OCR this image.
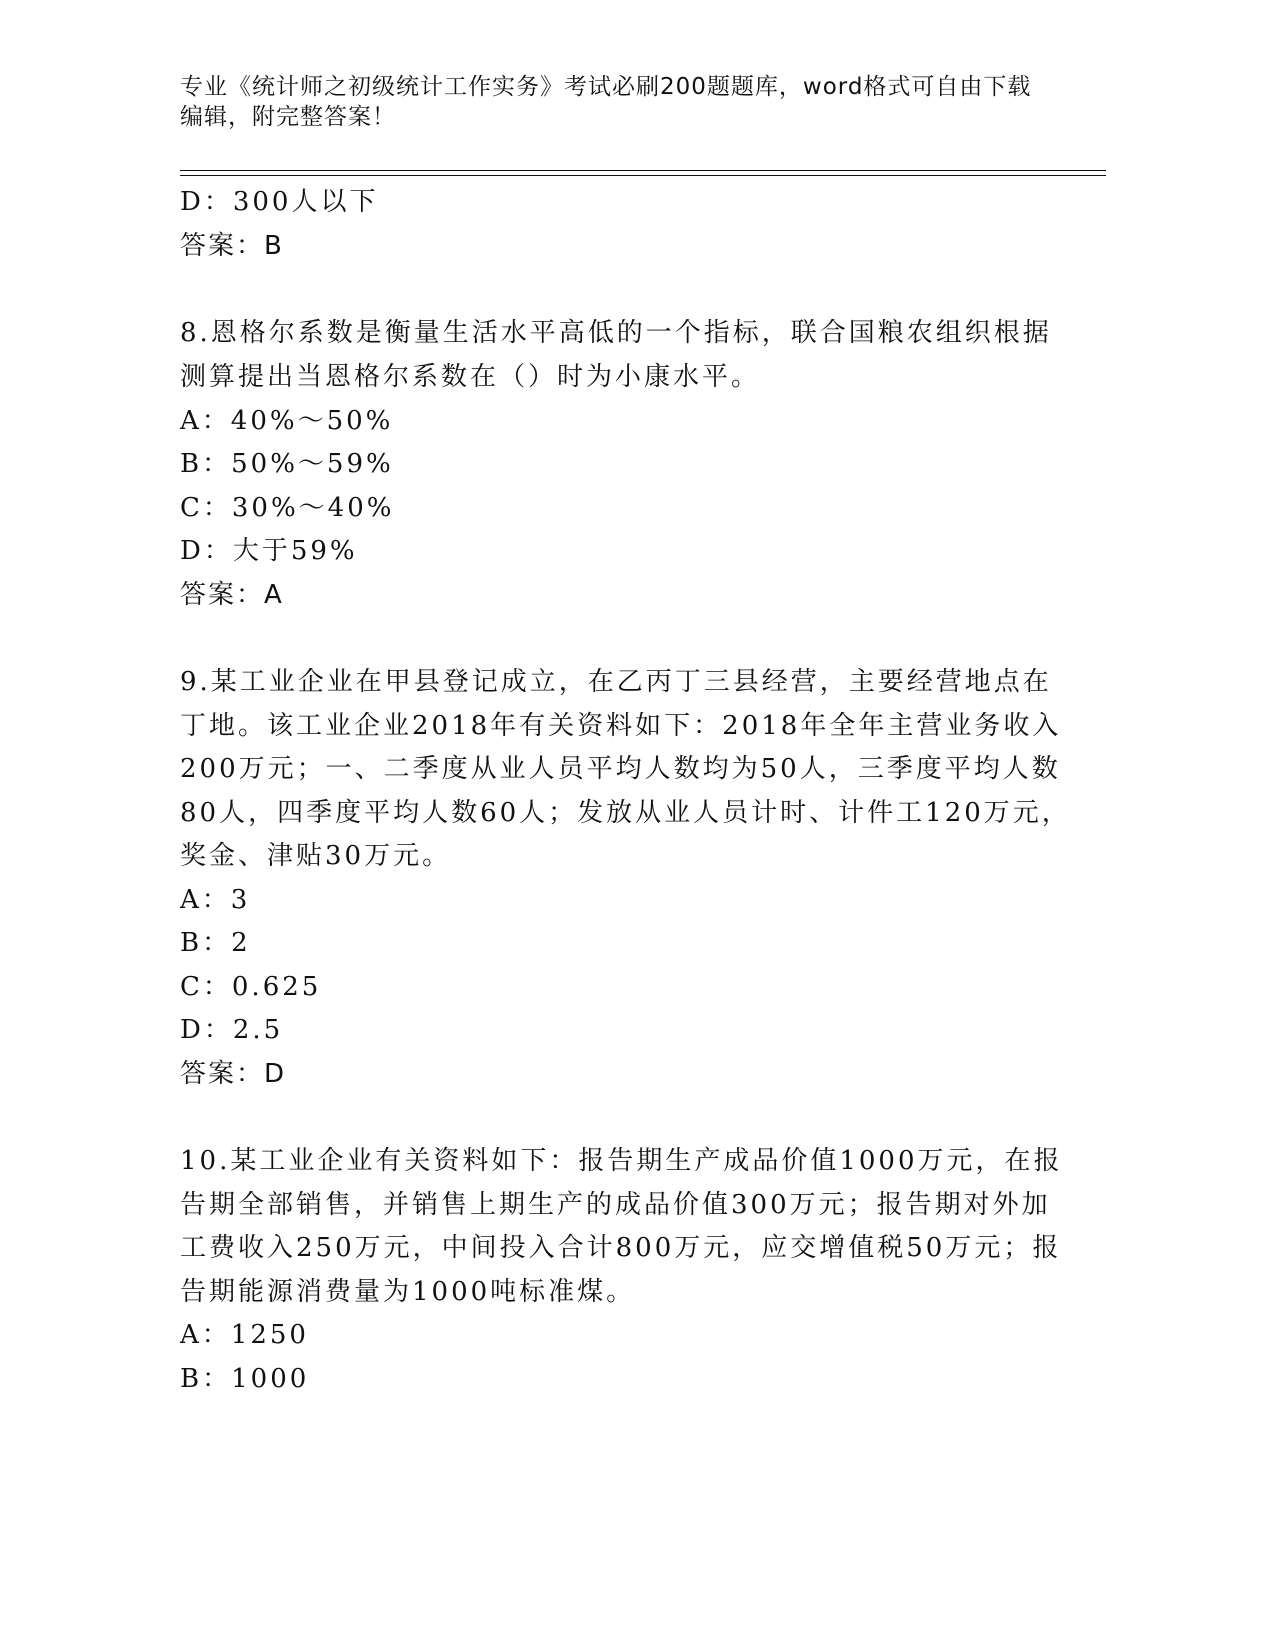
专业《统计师之初级统计工作实务》考试必刷200题题库，word格式可自由下载
编辑，附完整答案！
D：300人以下
答案：B
8.恩格尔系数是衡量生活水平高低的一个指标，联合国粮农组织根据
测算提出当恩格尔系数在（）时为小康水平。
A：40%～50%
B：50%～59%
C：30%～40%
D：大于59%
答案：A
9.某工业企业在甲县登记成立，在乙丙丁三县经营，主要经营地点在
丁地。该工业企业2018年有关资料如下：2018年全年主营业务收入
200万元；一、二季度从业人员平均人数均为50人，三季度平均人数
80人，四季度平均人数60人；发放从业人员计时、计件工120万元，
奖金、津贴30万元。
A：3
B：2
C：0.625
D：2.5
答案：D
10.某工业企业有关资料如下：报告期生产成品价值1000万元，在报
告期全部销售，并销售上期生产的成品价值300万元；报告期对外加
工费收入250万元，中间投入合计800万元，应交增值税50万元；报
告期能源消费量为1000吨标准煤。
A：1250
B：1000
